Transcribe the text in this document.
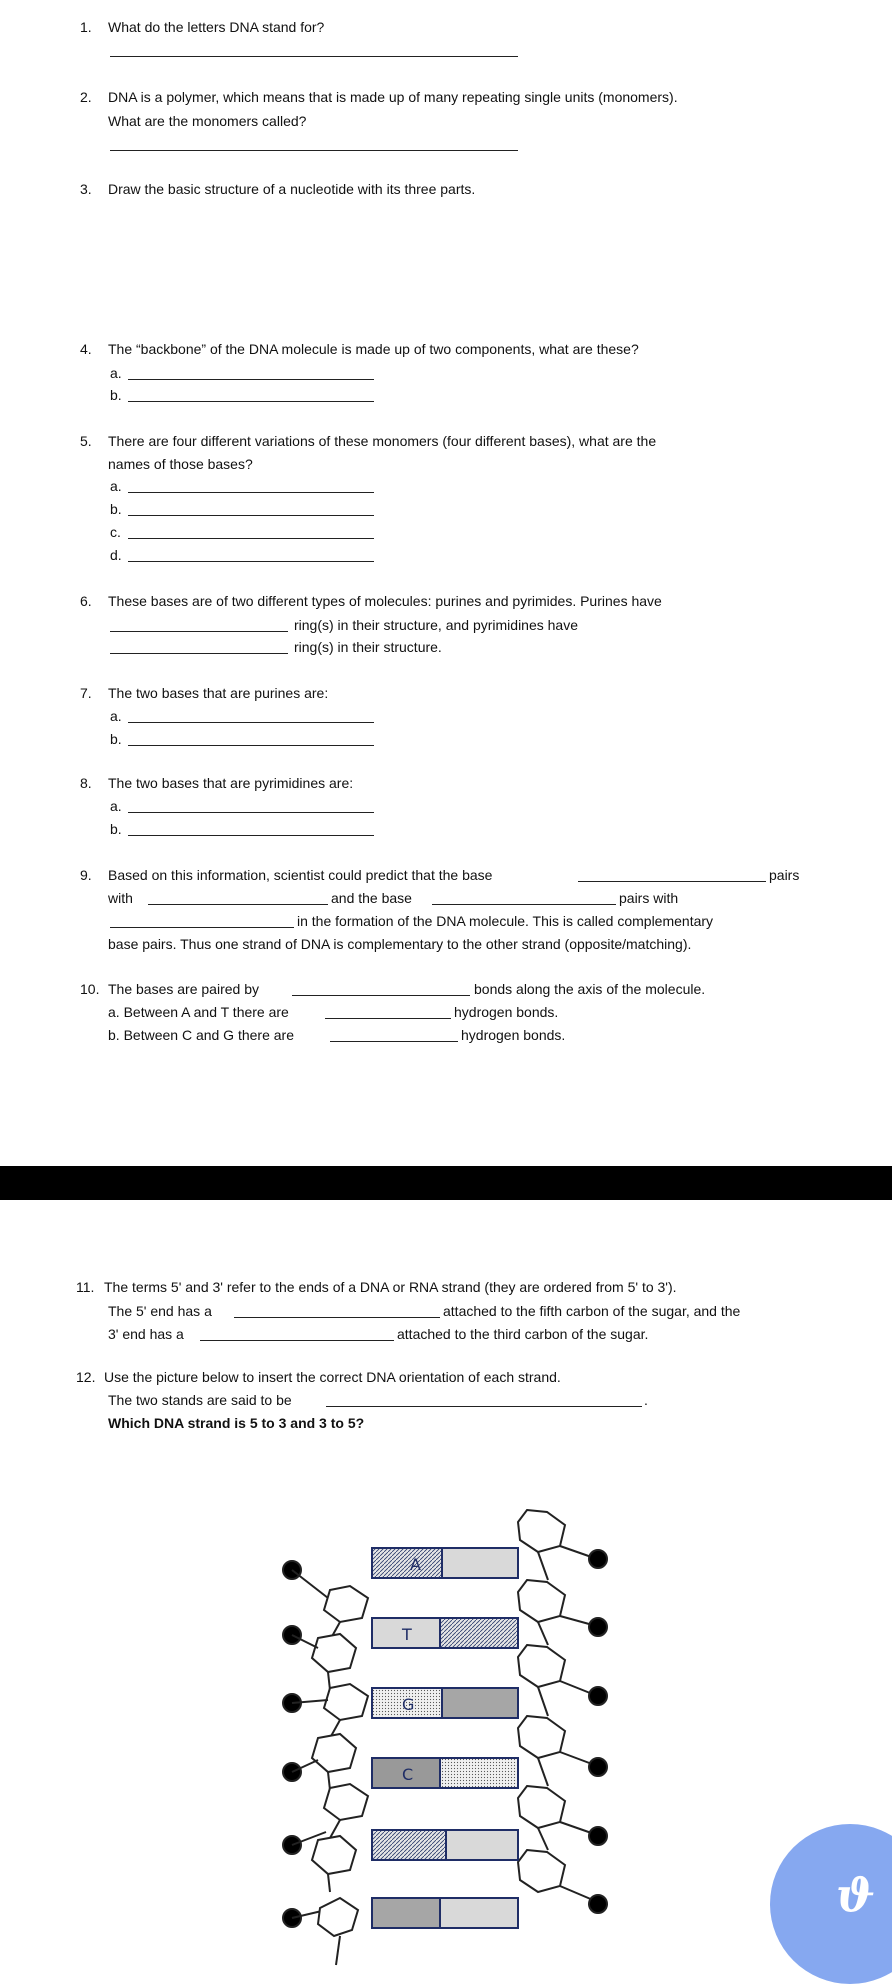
1. What do the letters DNA stand for?
2. DNA is a polymer, which means that is made up of many repeating single units (monomers).
What are the monomers called?
3. Draw the basic structure of a nucleotide with its three parts.
4. The “backbone” of the DNA molecule is made up of two components, what are these?
a.
b.
5. There are four different variations of these monomers (four different bases), what are the
names of those bases?
a.
b.
c.
d.
6. These bases are of two different types of molecules: purines and pyrimides. Purines have
ring(s) in their structure, and pyrimidines have
ring(s) in their structure.
7. The two bases that are purines are:
a.
b.
8. The two bases that are pyrimidines are:
a.
b.
9. Based on this information, scientist could predict that the base	pairs
with	and the base	pairs with
in the formation of the DNA molecule. This is called complementary
base pairs. Thus one strand of DNA is complementary to the other strand (opposite/matching).
10. The bases are paired by	bonds along the axis of the molecule.
a. Between A and T there are	hydrogen bonds.
b. Between C and G there are	hydrogen bonds.
11. The terms 5' and 3' refer to the ends of a DNA or RNA strand (they are ordered from 5' to 3').
The 5' end has a	attached to the fifth carbon of the sugar, and the
3' end has a	attached to the third carbon of the sugar.
12. Use the picture below to insert the correct DNA orientation of each strand.
The two stands are said to be	.
Which DNA strand is 5 to 3 and 3 to 5?
A
T
G
C
ϑ
